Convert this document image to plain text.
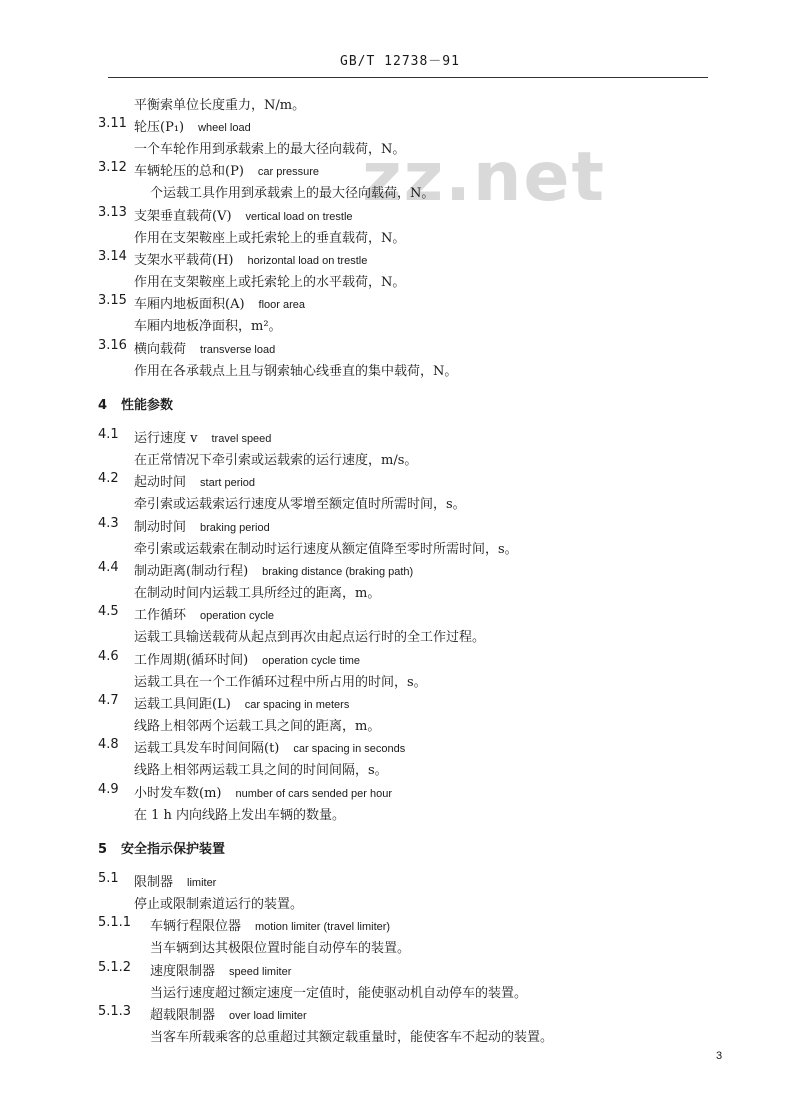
GB/T 12738－91
zz.net
平衡索单位长度重力，N/m。
3.11 轮压(P₁) wheel load
一个车轮作用到承载索上的最大径向载荷，N。
3.12 车辆轮压的总和(P) car pressure
个运载工具作用到承载索上的最大径向载荷，N。
3.13 支架垂直载荷(V) vertical load on trestle
作用在支架鞍座上或托索轮上的垂直载荷，N。
3.14 支架水平载荷(H) horizontal load on trestle
作用在支架鞍座上或托索轮上的水平载荷，N。
3.15 车厢内地板面积(A) floor area
车厢内地板净面积，m²。
3.16 横向载荷 transverse load
作用在各承载点上且与钢索轴心线垂直的集中载荷，N。
4 性能参数
4.1	运行速度 v travel speed
在正常情况下牵引索或运载索的运行速度，m/s。
4.2	起动时间 start period
牵引索或运载索运行速度从零增至额定值时所需时间，s。
4.3	制动时间 braking period
牵引索或运载索在制动时运行速度从额定值降至零时所需时间，s。
4.4	制动距离(制动行程) braking distance (braking path)
在制动时间内运载工具所经过的距离，m。
4.5	工作循环 operation cycle
运载工具输送载荷从起点到再次由起点运行时的全工作过程。
4.6	工作周期(循环时间) operation cycle time
运载工具在一个工作循环过程中所占用的时间，s。
4.7	运载工具间距(L) car spacing in meters
线路上相邻两个运载工具之间的距离，m。
4.8	运载工具发车时间间隔(t) car spacing in seconds
线路上相邻两运载工具之间的时间间隔，s。
4.9	小时发车数(m) number of cars sended per hour
在 1 h 内向线路上发出车辆的数量。
5 安全指示保护装置
5.1	限制器 limiter
停止或限制索道运行的装置。
5.1.1 车辆行程限位器 motion limiter (travel limiter)
当车辆到达其极限位置时能自动停车的装置。
5.1.2 速度限制器 speed limiter
当运行速度超过额定速度一定值时，能使驱动机自动停车的装置。
5.1.3 超载限制器 over load limiter
当客车所载乘客的总重超过其额定载重量时，能使客车不起动的装置。
3
